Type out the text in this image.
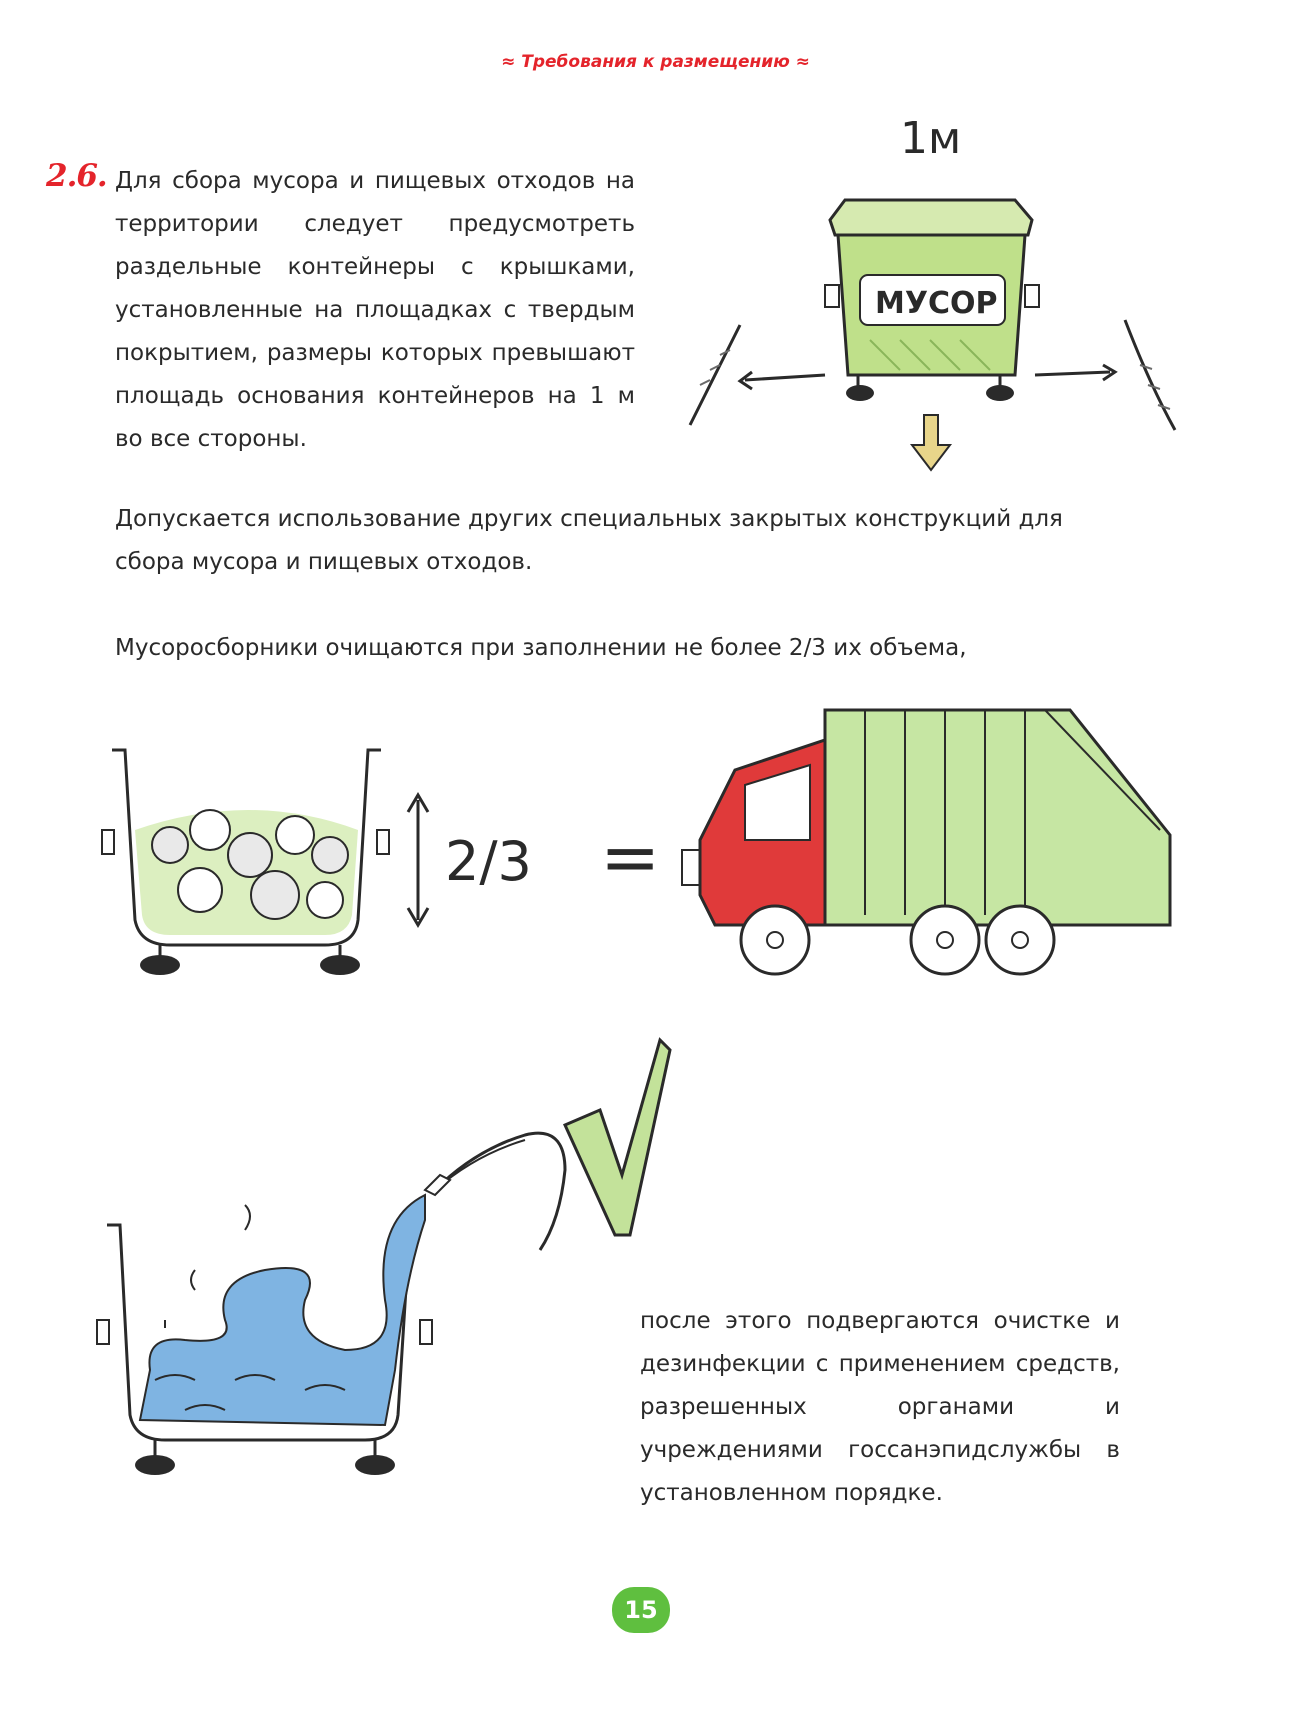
≈ Требования к размещению ≈
2.6. Для сбора мусора и пищевых отходов на территории следует предусмотреть раздельные контейнеры с крышками, установленные на площадках с твердым покрытием, размеры которых превышают площадь основания контейнеров на 1 м во все стороны.
1м
МУСОР
Допускается использование других специальных закрытых конструкций для сбора мусора и пищевых отходов.
Мусоросборники очищаются при заполнении не более 2/3 их объема,
2/3 =
после этого подвергаются очистке и дезинфекции с применением средств, разрешенных органами и учреждениями госсанэпидслужбы в установленном порядке.
15
